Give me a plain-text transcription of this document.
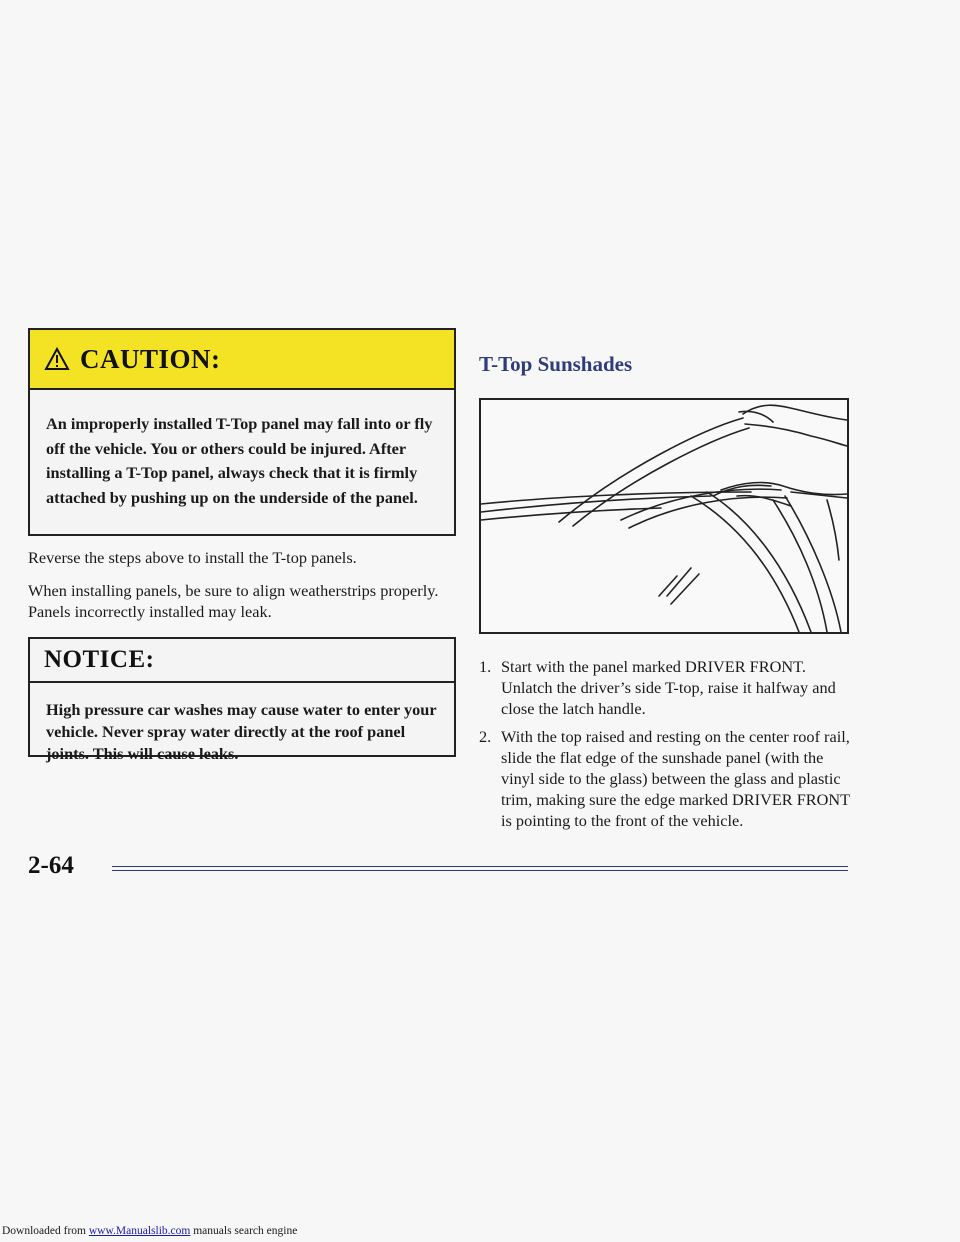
CAUTION:
An improperly installed T-Top panel may fall into or fly off the vehicle. You or others could be injured. After installing a T-Top panel, always check that it is firmly attached by pushing up on the underside of the panel.

Reverse the steps above to install the T-top panels.

When installing panels, be sure to align weatherstrips properly. Panels incorrectly installed may leak.

NOTICE:
High pressure car washes may cause water to enter your vehicle. Never spray water directly at the roof panel joints. This will cause leaks.
T-Top Sunshades
1. Start with the panel marked DRIVER FRONT. Unlatch the driver’s side T-top, raise it halfway and close the latch handle.
2. With the top raised and resting on the center roof rail, slide the flat edge of the sunshade panel (with the vinyl side to the glass) between the glass and plastic trim, making sure the edge marked DRIVER FRONT is pointing to the front of the vehicle.
2-64
Downloaded from www.Manualslib.com manuals search engine
